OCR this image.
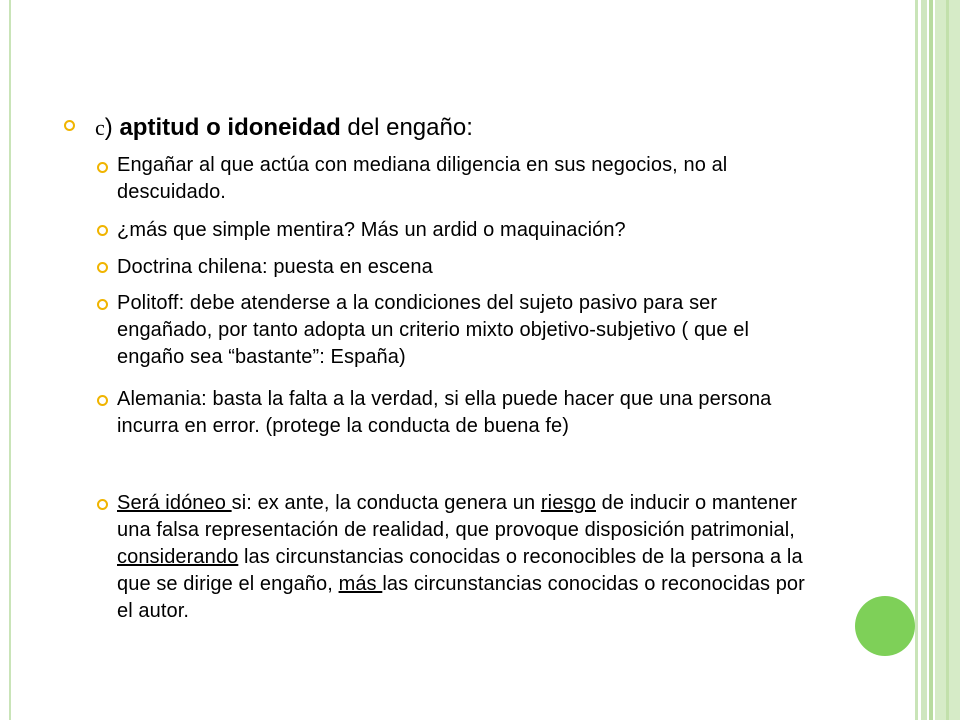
c) aptitud o idoneidad del engaño:
Engañar al que actúa con mediana diligencia en sus negocios, no al descuidado.
¿más que simple mentira? Más un ardid o maquinación?
Doctrina chilena: puesta en escena
Politoff: debe atenderse a la condiciones del sujeto pasivo para ser engañado, por tanto adopta un criterio mixto objetivo-subjetivo ( que el engaño sea “bastante”: España)
Alemania: basta la falta a la verdad, si ella puede hacer que una persona incurra en error. (protege la conducta de buena fe)
Será idóneo si: ex ante, la conducta genera un riesgo de inducir o mantener una falsa representación de realidad, que provoque disposición patrimonial, considerando las circunstancias conocidas o reconocibles de la persona a la que se dirige el engaño, más las circunstancias conocidas o reconocidas por el autor.
